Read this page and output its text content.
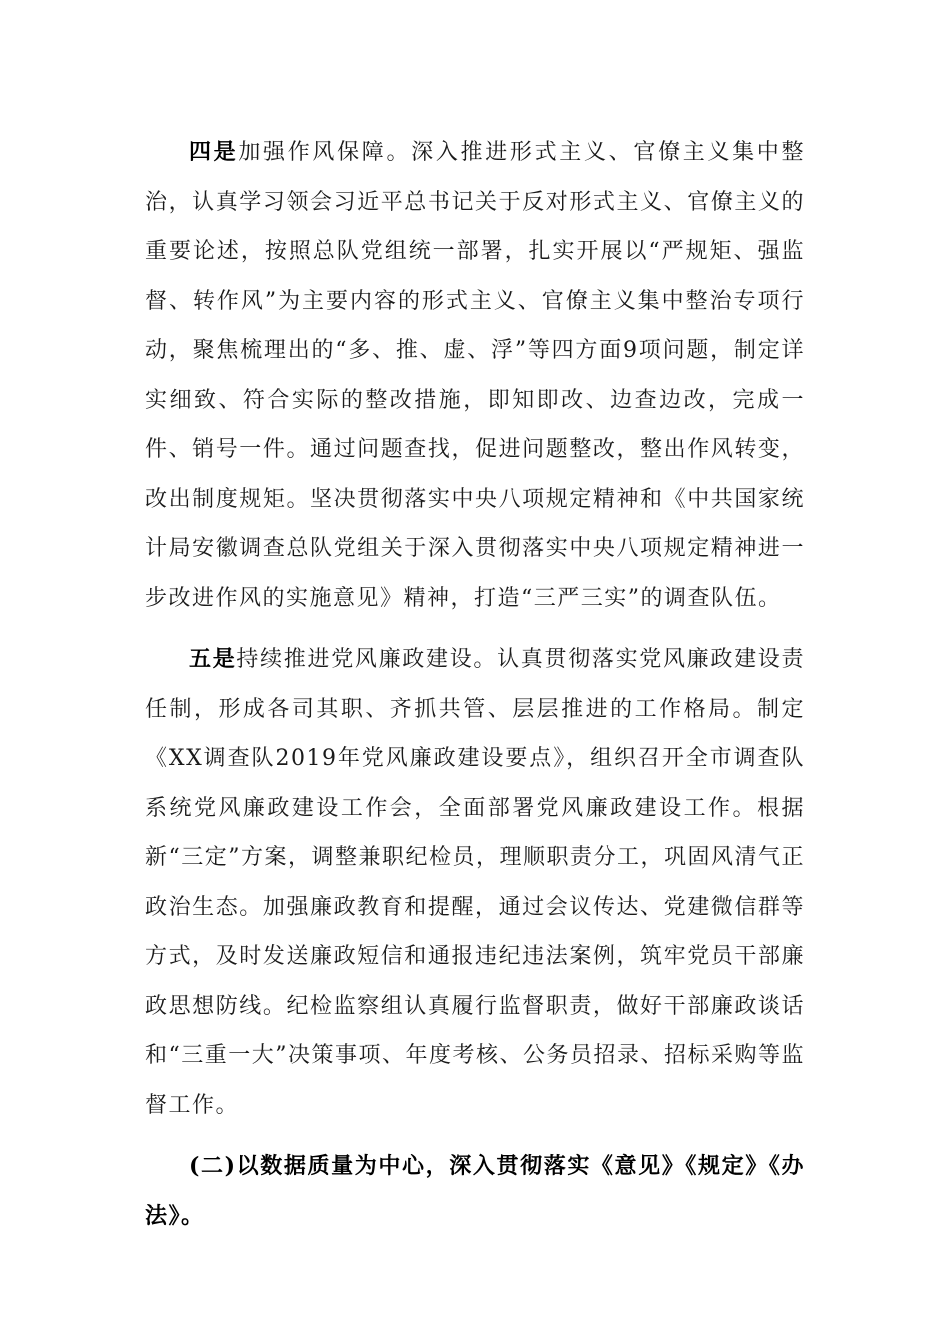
四是加强作风保障。深入推进形式主义、官僚主义集中整治，认真学习领会习近平总书记关于反对形式主义、官僚主义的重要论述，按照总队党组统一部署，扎实开展以“严规矩、强监督、转作风”为主要内容的形式主义、官僚主义集中整治专项行动，聚焦梳理出的“多、推、虚、浮”等四方面9项问题，制定详实细致、符合实际的整改措施，即知即改、边查边改，完成一件、销号一件。通过问题查找，促进问题整改，整出作风转变，改出制度规矩。坚决贯彻落实中央八项规定精神和《中共国家统计局安徽调查总队党组关于深入贯彻落实中央八项规定精神进一步改进作风的实施意见》精神，打造“三严三实”的调查队伍。

五是持续推进党风廉政建设。认真贯彻落实党风廉政建设责任制，形成各司其职、齐抓共管、层层推进的工作格局。制定《XX调查队2019年党风廉政建设要点》，组织召开全市调查队系统党风廉政建设工作会，全面部署党风廉政建设工作。根据新“三定”方案，调整兼职纪检员，理顺职责分工，巩固风清气正政治生态。加强廉政教育和提醒，通过会议传达、党建微信群等方式，及时发送廉政短信和通报违纪违法案例，筑牢党员干部廉政思想防线。纪检监察组认真履行监督职责，做好干部廉政谈话和“三重一大”决策事项、年度考核、公务员招录、招标采购等监督工作。

(二)以数据质量为中心，深入贯彻落实《意见》《规定》《办法》。
